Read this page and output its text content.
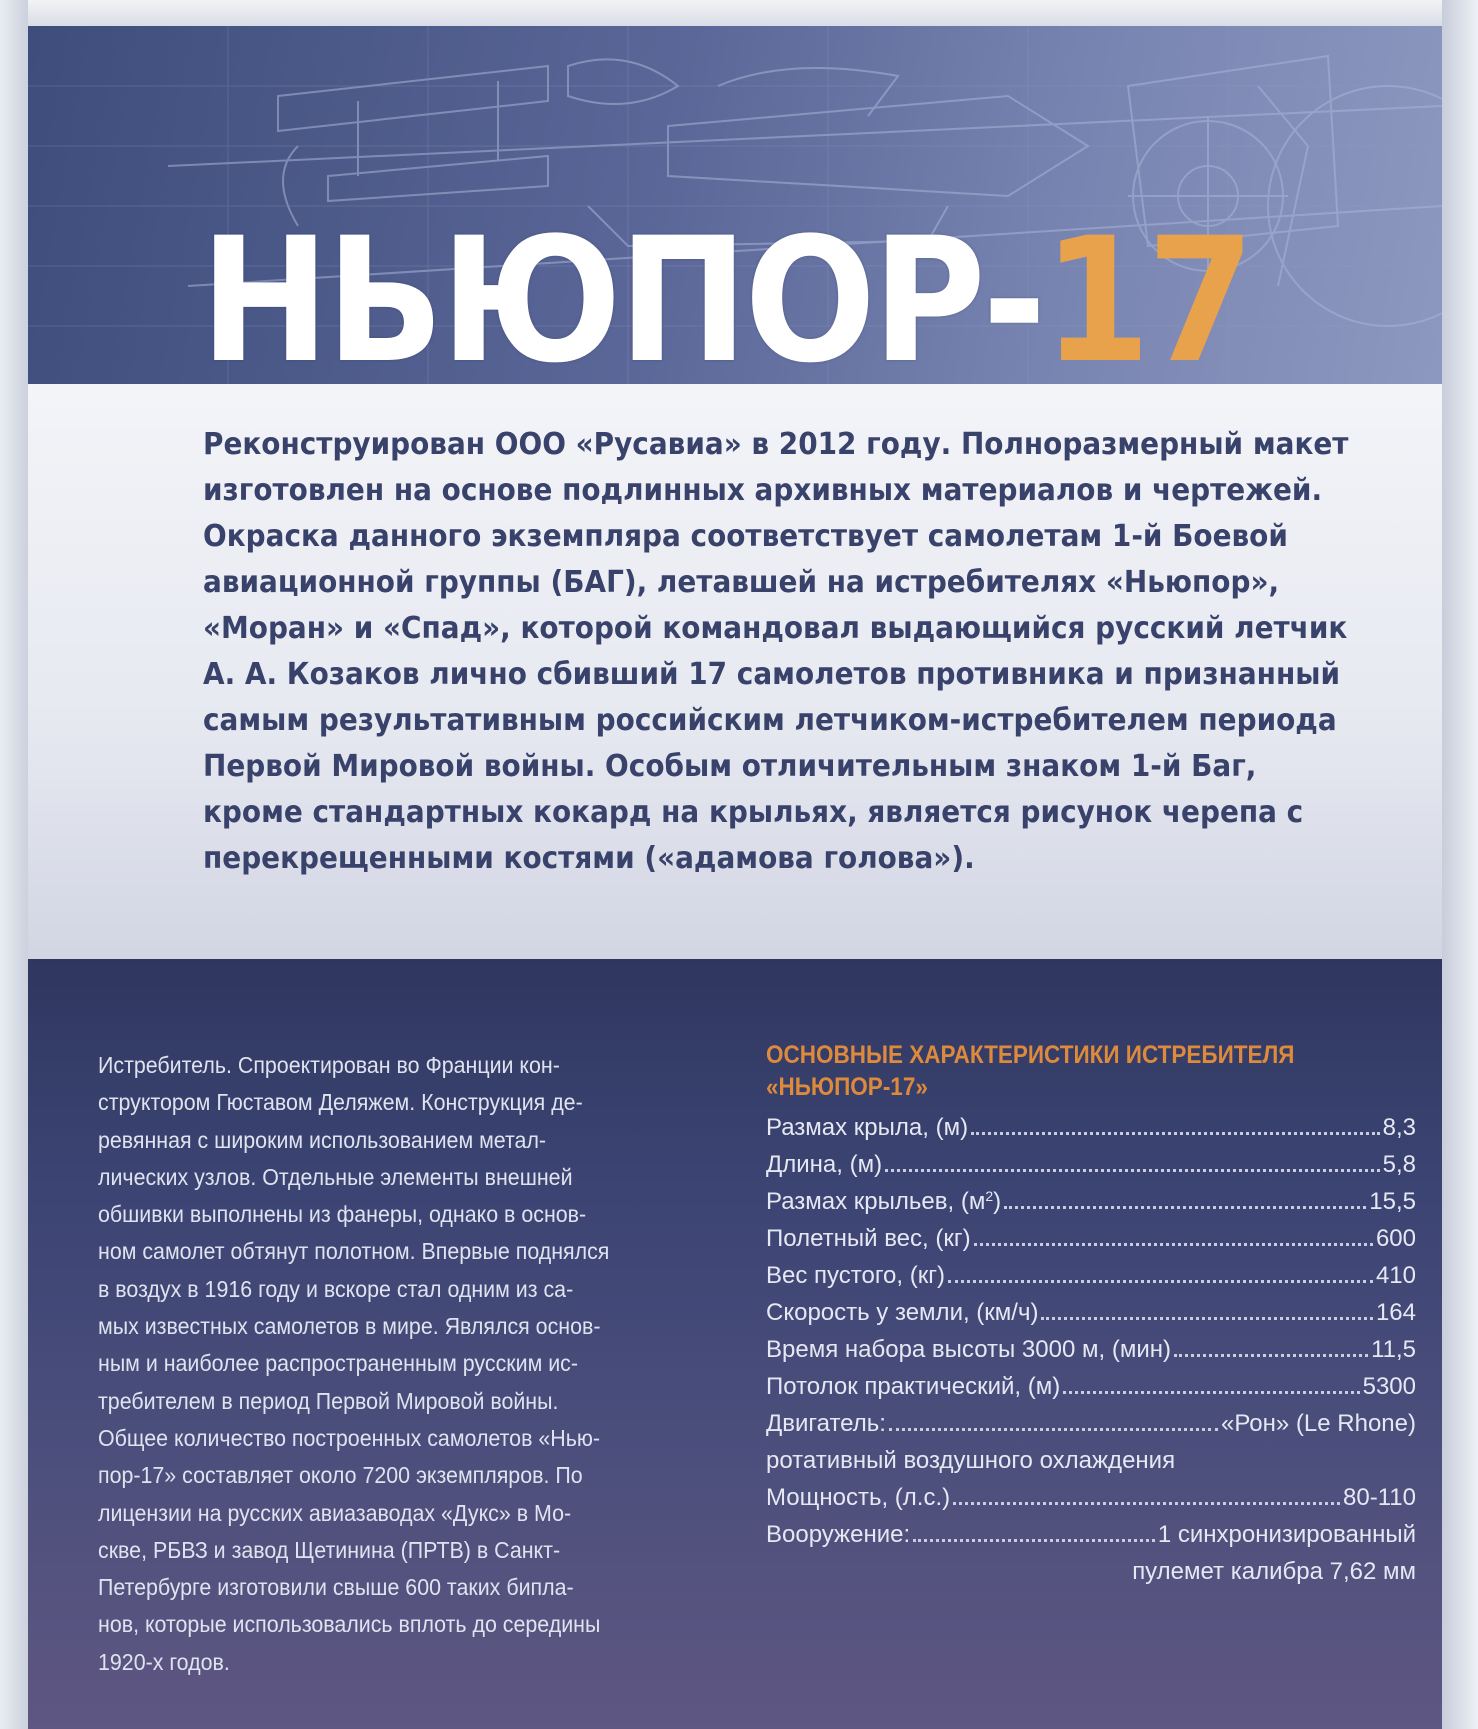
НЬЮПОР-17
Реконструирован ООО «Русавиа» в 2012 году. Полноразмерный макет
изготовлен на основе подлинных архивных материалов и чертежей.
Окраска данного экземпляра соответствует самолетам 1-й Боевой
авиационной группы (БАГ), летавшей на истребителях «Ньюпор»,
«Моран» и «Спад», которой командовал выдающийся русский летчик
А. А. Козаков лично сбивший 17 самолетов противника и признанный
самым результативным российским летчиком-истребителем периода
Первой Мировой войны. Особым отличительным знаком 1-й Баг,
кроме стандартных кокард на крыльях, является рисунок черепа с
перекрещенными костями («адамова голова»).
Истребитель. Спроектирован во Франции кон-
структором Гюставом Деляжем. Конструкция де-
ревянная с широким использованием метал-
лических узлов. Отдельные элементы внешней
обшивки выполнены из фанеры, однако в основ-
ном самолет обтянут полотном. Впервые поднялся
в воздух в 1916 году и вскоре стал одним из са-
мых известных самолетов в мире. Являлся основ-
ным и наиболее распространенным русским ис-
требителем в период Первой Мировой войны.
Общее количество построенных самолетов «Нью-
пор-17» составляет около 7200 экземпляров. По
лицензии на русских авиазаводах «Дукс» в Мо-
скве, РБВЗ и завод Щетинина (ПРТВ) в Санкт-
Петербурге изготовили свыше 600 таких бипла-
нов, которые использовались вплоть до середины
1920-х годов.
ОСНОВНЫЕ ХАРАКТЕРИСТИКИ ИСТРЕБИТЕЛЯ
«НЬЮПОР-17»
Размах крыла, (м)	8,3
Длина, (м)	5,8
Размах крыльев, $(м^2)$	15,5
Полетный вес, (кг)	600
Вес пустого, (кг)	410
Скорость у земли, (км/ч)	164
Время набора высоты 3000 м, (мин)	11,5
Потолок практический, (м)	5300
Двигатель:	«Рон» (Le Rhone)
ротативный воздушного охлаждения
Мощность, (л.с.)	80-110
Вооружение:	1 синхронизированный
пулемет калибра 7,62 мм
